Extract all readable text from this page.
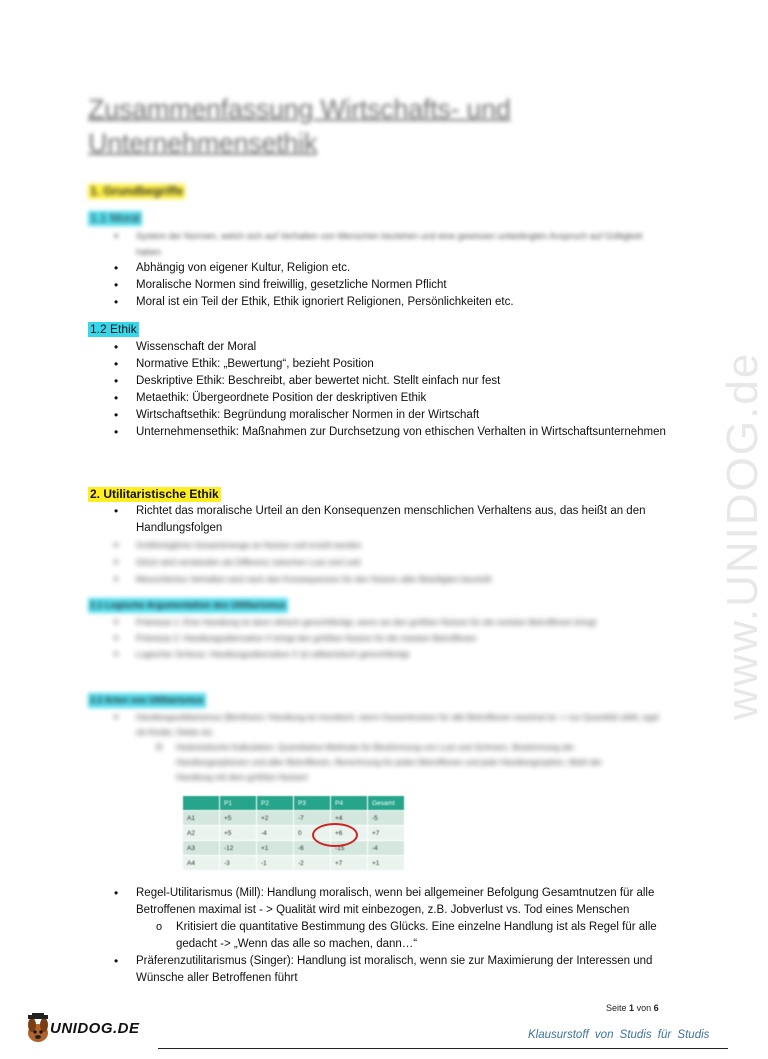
Zusammenfassung Wirtschafts- und Unternehmensethik
1. Grundbegriffe
1.1 Moral
• System der Normen, welch sich auf Verhalten von Menschen beziehen und eine gewissen unbedingten Anspruch auf Gültigkeit haben
• Abhängig von eigener Kultur, Religion etc.
• Moralische Normen sind freiwillig, gesetzliche Normen Pflicht
• Moral ist ein Teil der Ethik, Ethik ignoriert Religionen, Persönlichkeiten etc.
1.2 Ethik
• Wissenschaft der Moral
• Normative Ethik: „Bewertung“, bezieht Position
• Deskriptive Ethik: Beschreibt, aber bewertet nicht. Stellt einfach nur fest
• Metaethik: Übergeordnete Position der deskriptiven Ethik
• Wirtschaftsethik: Begründung moralischer Normen in der Wirtschaft
• Unternehmensethik: Maßnahmen zur Durchsetzung von ethischen Verhalten in Wirtschaftsunternehmen
2. Utilitaristische Ethik
• Richtet das moralische Urteil an den Konsequenzen menschlichen Verhaltens aus, das heißt an den Handlungsfolgen
• Größtmögliche Gesamtmenge an Nutzen soll erzielt werden
• Glück wird verstanden als Differenz zwischen Lust und Leid
• Menschliches Verhalten wird nach den Konsequenzen für den Nutzen aller Beteiligten beurteilt
2.1 Logische Argumentation des Utilitarismus
• Prämisse 1: Eine Handlung ist dann ethisch gerechtfertigt, wenn sie den größten Nutzen für die meisten Betroffenen bringt
• Prämisse 2: Handlungsalternative X bringt den größten Nutzen für die meisten Betroffenen
• Logischer Schluss: Handlungsalternative X ist utilitaristisch gerechtfertigt
2.2 Arten von Utilitarismus
• Handlungsutilitarismus (Bentham): Handlung ist moralisch, wenn Gesamtnutzen für alle Betroffenen maximal ist -> nur Quantität zählt, egal ob Kinder, Diebe etc.
o Hedonistische Kalkulation: Quantitative Methode für Bestimmung von Lust und Schmerz. Bestimmung der Handlungsoptionen und aller Betroffenen, Berechnung für jeden Betroffenen und jede Handlungsoption, Wahl der Handlung mit dem größten Nutzen!
	P1	P2	P3	P4	Gesamt
A1	+5	+2	-7	+4	-5
A2	+5	-4	0	+6	+7
A3	-12	+1	-6	-15	-4
A4	-3	-1	-2	+7	+1
• Regel-Utilitarismus (Mill): Handlung moralisch, wenn bei allgemeiner Befolgung Gesamtnutzen für alle Betroffenen maximal ist - > Qualität wird mit einbezogen, z.B. Jobverlust vs. Tod eines Menschen
o Kritisiert die quantitative Bestimmung des Glücks. Eine einzelne Handlung ist als Regel für alle gedacht -> „Wenn das alle so machen, dann…“
• Präferenzutilitarismus (Singer): Handlung ist moralisch, wenn sie zur Maximierung der Interessen und Wünsche aller Betroffenen führt
www.UNIDOG.de
Seite 1 von 6
UNIDOG.DE	Klausurstoff von Studis für Studis
